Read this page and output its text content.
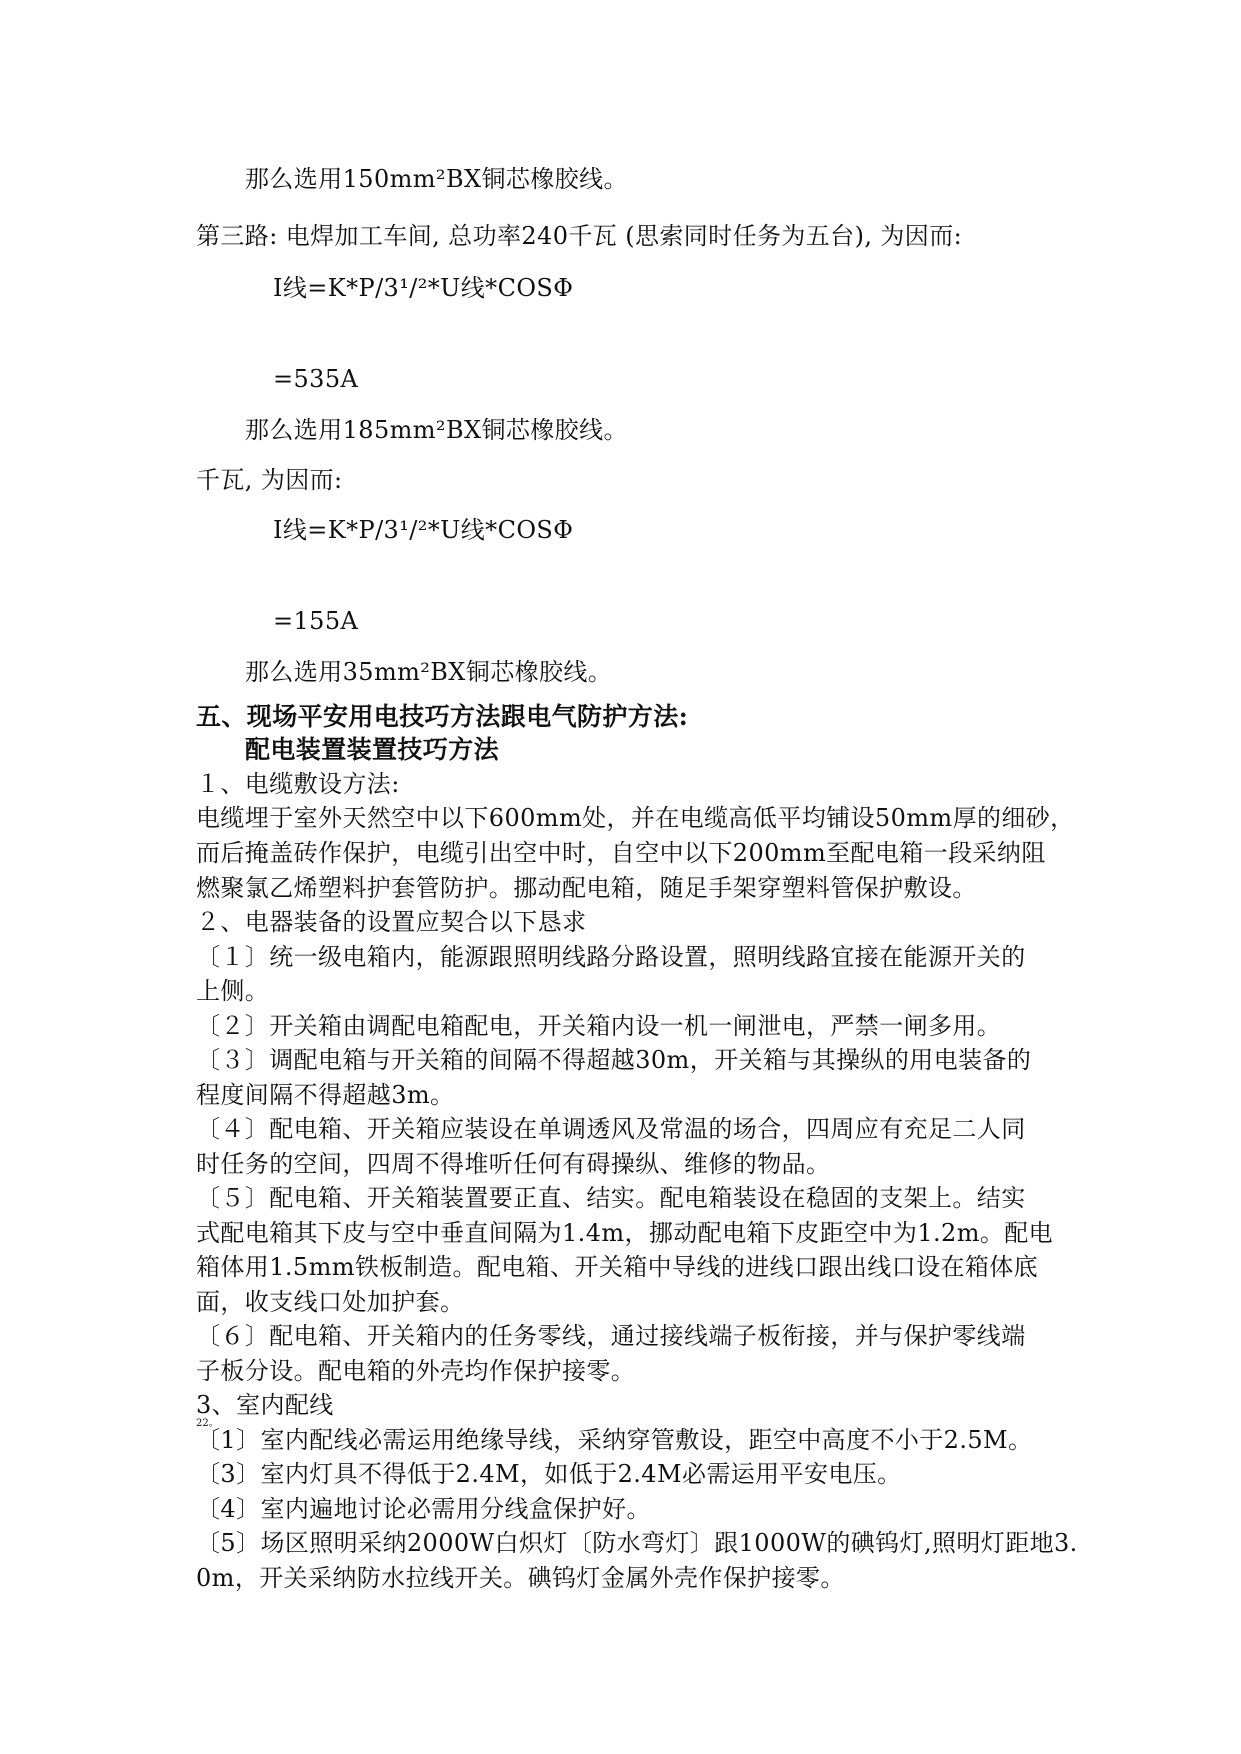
那么选用150mm²BX铜芯橡胶线。
第三路: 电焊加工车间, 总功率240千瓦 (思索同时任务为五台), 为因而:
I线=K*P/3¹/²*U线*COSΦ
=535A
那么选用185mm²BX铜芯橡胶线。
千瓦, 为因而:
I线=K*P/3¹/²*U线*COSΦ
=155A
那么选用35mm²BX铜芯橡胶线。
五、现场平安用电技巧方法跟电气防护方法:
配电装置装置技巧方法
１、电缆敷设方法:
电缆埋于室外天然空中以下600mm处，并在电缆高低平均铺设50mm厚的细砂，
而后掩盖砖作保护，电缆引出空中时，自空中以下200mm至配电箱一段采纳阻
燃聚氯乙烯塑料护套管防护。挪动配电箱，随足手架穿塑料管保护敷设。
２、电器装备的设置应契合以下恳求
〔１〕统一级电箱内，能源跟照明线路分路设置，照明线路宜接在能源开关的
上侧。
〔２〕开关箱由调配电箱配电，开关箱内设一机一闸泄电，严禁一闸多用。
〔３〕调配电箱与开关箱的间隔不得超越30m，开关箱与其操纵的用电装备的
程度间隔不得超越3m。
〔４〕配电箱、开关箱应装设在单调透风及常温的场合，四周应有充足二人同
时任务的空间，四周不得堆听任何有碍操纵、维修的物品。
〔５〕配电箱、开关箱装置要正直、结实。配电箱装设在稳固的支架上。结实
式配电箱其下皮与空中垂直间隔为1.4m，挪动配电箱下皮距空中为1.2m。配电
箱体用1.5mm铁板制造。配电箱、开关箱中导线的进线口跟出线口设在箱体底
面，收支线口处加护套。
〔６〕配电箱、开关箱内的任务零线，通过接线端子板衔接，并与保护零线端
子板分设。配电箱的外壳均作保护接零。
3、室内配线
〔1〕室内配线必需运用绝缘导线，采纳穿管敷设，距空中高度不小于2.5M。
22。
〔3〕室内灯具不得低于2.4M，如低于2.4M必需运用平安电压。
〔4〕室内遍地讨论必需用分线盒保护好。
〔5〕场区照明采纳2000W白炽灯〔防水弯灯〕跟1000W的碘钨灯,照明灯距地3.
0m，开关采纳防水拉线开关。碘钨灯金属外壳作保护接零。
